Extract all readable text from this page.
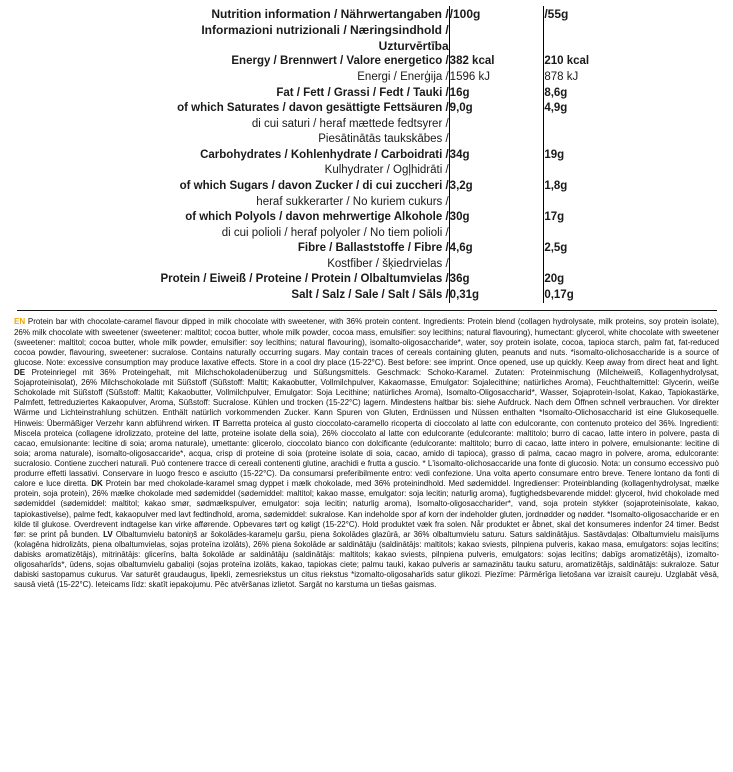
Nutrition information / Nährwertangaben /	/100g	/55g
Informazioni nutrizionali / Næringsindhold /		
Uzturvērtība		
Energy / Brennwert / Valore energetico /	382 kcal	210 kcal
Energi / Enerģija /	1596 kJ	878 kJ
Fat / Fett / Grassi / Fedt / Tauki /	16g	8,6g
of which Saturates / davon gesättigte Fettsäuren /	9,0g	4,9g
di cui saturi / heraf mættede fedtsyrer /		
Piesātinātās taukskābes /		
Carbohydrates / Kohlenhydrate / Carboidrati /	34g	19g
Kulhydrater / Ogļhidrāti /		
of which Sugars / davon Zucker / di cui zuccheri /	3,2g	1,8g
heraf sukkerarter / No kuriem cukurs /		
of which Polyols / davon mehrwertige Alkohole /	30g	17g
di cui polioli / heraf polyoler / No tiem polioli /		
Fibre / Ballaststoffe / Fibre /	4,6g	2,5g
Kostfiber / šķiedrvielas /		
Protein / Eiweiß / Proteine / Protein / Olbaltumvielas /	36g	20g
Salt / Salz / Sale / Salt / Sāls /	0,31g	0,17g
EN Protein bar with chocolate-caramel flavour dipped in milk chocolate with sweetener, with 36% protein content. Ingredients: Protein blend (collagen hydrolysate, milk proteins, soy protein isolate), 26% milk chocolate with sweetener (sweetener: maltitol; cocoa butter, whole milk powder, cocoa mass, emulsifier: soy lecithins; natural flavouring), humectant: glycerol, white chocolate with sweetener (sweetener: maltitol; cocoa butter, whole milk powder, emulsifier: soy lecithins; natural flavouring), isomalto-oligosaccharide*, water, soy protein isolate, cocoa, tapioca starch, palm fat, fat-reduced cocoa powder, flavouring, sweetener: sucralose. Contains naturally occurring sugars. May contain traces of cereals containing gluten, peanuts and nuts. *isomalto-olichosaccharide is a source of glucose. Note: excessive consumption may produce laxative effects. Store in a cool dry place (15-22°C). Best before: see imprint. Once opened, use up quickly. Keep away from direct heat and light. DE Proteinriegel mit 36% Proteingehalt, mit Milchschokoladenüberzug und Süßungsmittels. Geschmack: Schoko-Karamel. Zutaten: Proteinmischung (Milcheiweiß, Kollagenhydrolysat, Sojaproteinisolat), 26% Milchschokolade mit Süßstoff (Süßstoff: Maltit; Kakaobutter, Vollmilchpulver, Kakaomasse, Emulgator: Sojalecithine; natürliches Aroma), Feuchthaltemittel: Glycerin, weiße Schokolade mit Süßstoff (Süßstoff: Maltit; Kakaobutter, Vollmilchpulver, Emulgator: Soja Lecithine; natürliches Aroma), Isomalto-Oligosaccharid*, Wasser, Sojaprotein-Isolat, Kakao, Tapiokastärke, Palmfett, fettreduziertes Kakaopulver, Aroma, Süßstoff: Sucralose. Kühlen und trocken (15-22°C) lagern. Mindestens haltbar bis: siehe Aufdruck. Nach dem Öffnen schnell verbrauchen. Vor direkter Wärme und Lichteinstrahlung schützen. Enthält natürlich vorkommenden Zucker. Kann Spuren von Gluten, Erdnüssen und Nüssen enthalten *Isomalto-Olichosaccharid ist eine Glukosequelle. Hinweis: Übermäßiger Verzehr kann abführend wirken. IT Barretta proteica al gusto cioccolato-caramello ricoperta di cioccolato al latte con edulcorante, con contenuto proteico del 36%. Ingredienti: Miscela proteica (collagene idrolizzato, proteine del latte, proteine isolate della soia), 26% cioccolato al latte con edulcorante (edulcorante: maltitolo; burro di cacao, latte intero in polvere, pasta di cacao, emulsionante: lecitine di soia; aroma naturale), umettante: glicerolo, cioccolato bianco con dolcificante (edulcorante: maltitolo; burro di cacao, latte intero in polvere, emulsionante: lecitine di soia; aroma naturale), isomalto-oligosaccaride*, acqua, crisp di proteine di soia (proteine isolate di soia, cacao, amido di tapioca), grasso di palma, cacao magro in polvere, aroma, edulcorante: sucralosio. Contiene zuccheri naturali. Può contenere tracce di cereali contenenti glutine, arachidi e frutta a guscio. * L'isomalto-olichosaccaride una fonte di glucosio. Nota: un consumo eccessivo può produrre effetti lassativi. Conservare in luogo fresco e asciutto (15-22°C). Da consumarsi preferibilmente entro: vedi confezione. Una volta aperto consumare entro breve. Tenere lontano da fonti di calore e luce diretta. DK Protein bar med chokolade-karamel smag dyppet i mælk chokolade, med 36% proteinindhold. Med sødemiddel. Ingredienser: Proteinblanding (kollagenhydrolysat, mælke protein, soja protein), 26% mælke chokolade med sødemiddel (sødemiddel: maltitol; kakao masse, emulgator: soja lecitin; naturlig aroma), fugtighedsbevarende middel: glycerol, hvid chokolade med sødemiddel (sødemiddel: maltitol; kakao smør, sødmælkspulver, emulgator: soja lecitin; naturlig aroma), Isomalto-oligosaccharider*, vand, soja protein stykker (sojaproteinisolate, kakao, tapiokastivelse), palme fedt, kakaopulver med lavt fedtindhold, aroma, sødemiddel: sukralose. Kan indeholde spor af korn der indeholder gluten, jordnødder og nødder. *Isomalto-oligosaccharide er en kilde til glukose. Overdrevent indtagelse kan virke afførende. Opbevares tørt og køligt (15-22°C). Hold produktet væk fra solen. Når produktet er åbnet, skal det konsumeres indenfor 24 timer. Bedst før: se print på bunden. LV Olbaltumvielu batoniņš ar šokolādes-karameļu garšu, piena šokolādes glazūrā, ar 36% olbaltumvielu saturu. Saturs saldinātājus. Sastāvdaļas: Olbaltumvielu maisījums (kolagēna hidrolizāts, piena olbaltumvielas, sojas proteīna izolāts), 26% piena šokolāde ar saldinātāju (saldinātājs: maltitols; kakao sviests, pilnpiena pulveris, kakao masa, emulgators: sojas lecitīns; dabisks aromatizētājs), mitrinātājs: glicerīns, balta šokolāde ar saldinātāju (saldinātājs: maltitols; kakao sviests, pilnpiena pulveris, emulgators: sojas lecitīns; dabīgs aromatizētājs), izomalto-oligosaharīds*, ūdens, sojas olbaltumvielu gabaliņi (sojas proteīna izolāts, kakao, tapiokas ciete; palmu tauki, kakao pulveris ar samazinātu tauku saturu, aromatizētājs, saldinātājs: sukraloze. Satur dabiski sastopamus cukurus. Var saturēt graudaugus, lipekli, zemesriekstus un citus riekstus *izomalto-oligosaharīds satur glikozi. Piezīme: Pārmērīga lietošana var izraisīt caureju. Uzglabāt vēsā, sausā vietā (15-22°C). Ieteicams līdz: skatīt iepakojumu. Pēc atvēršanas izlietot. Sargāt no karstuma un tiešas gaismas.
